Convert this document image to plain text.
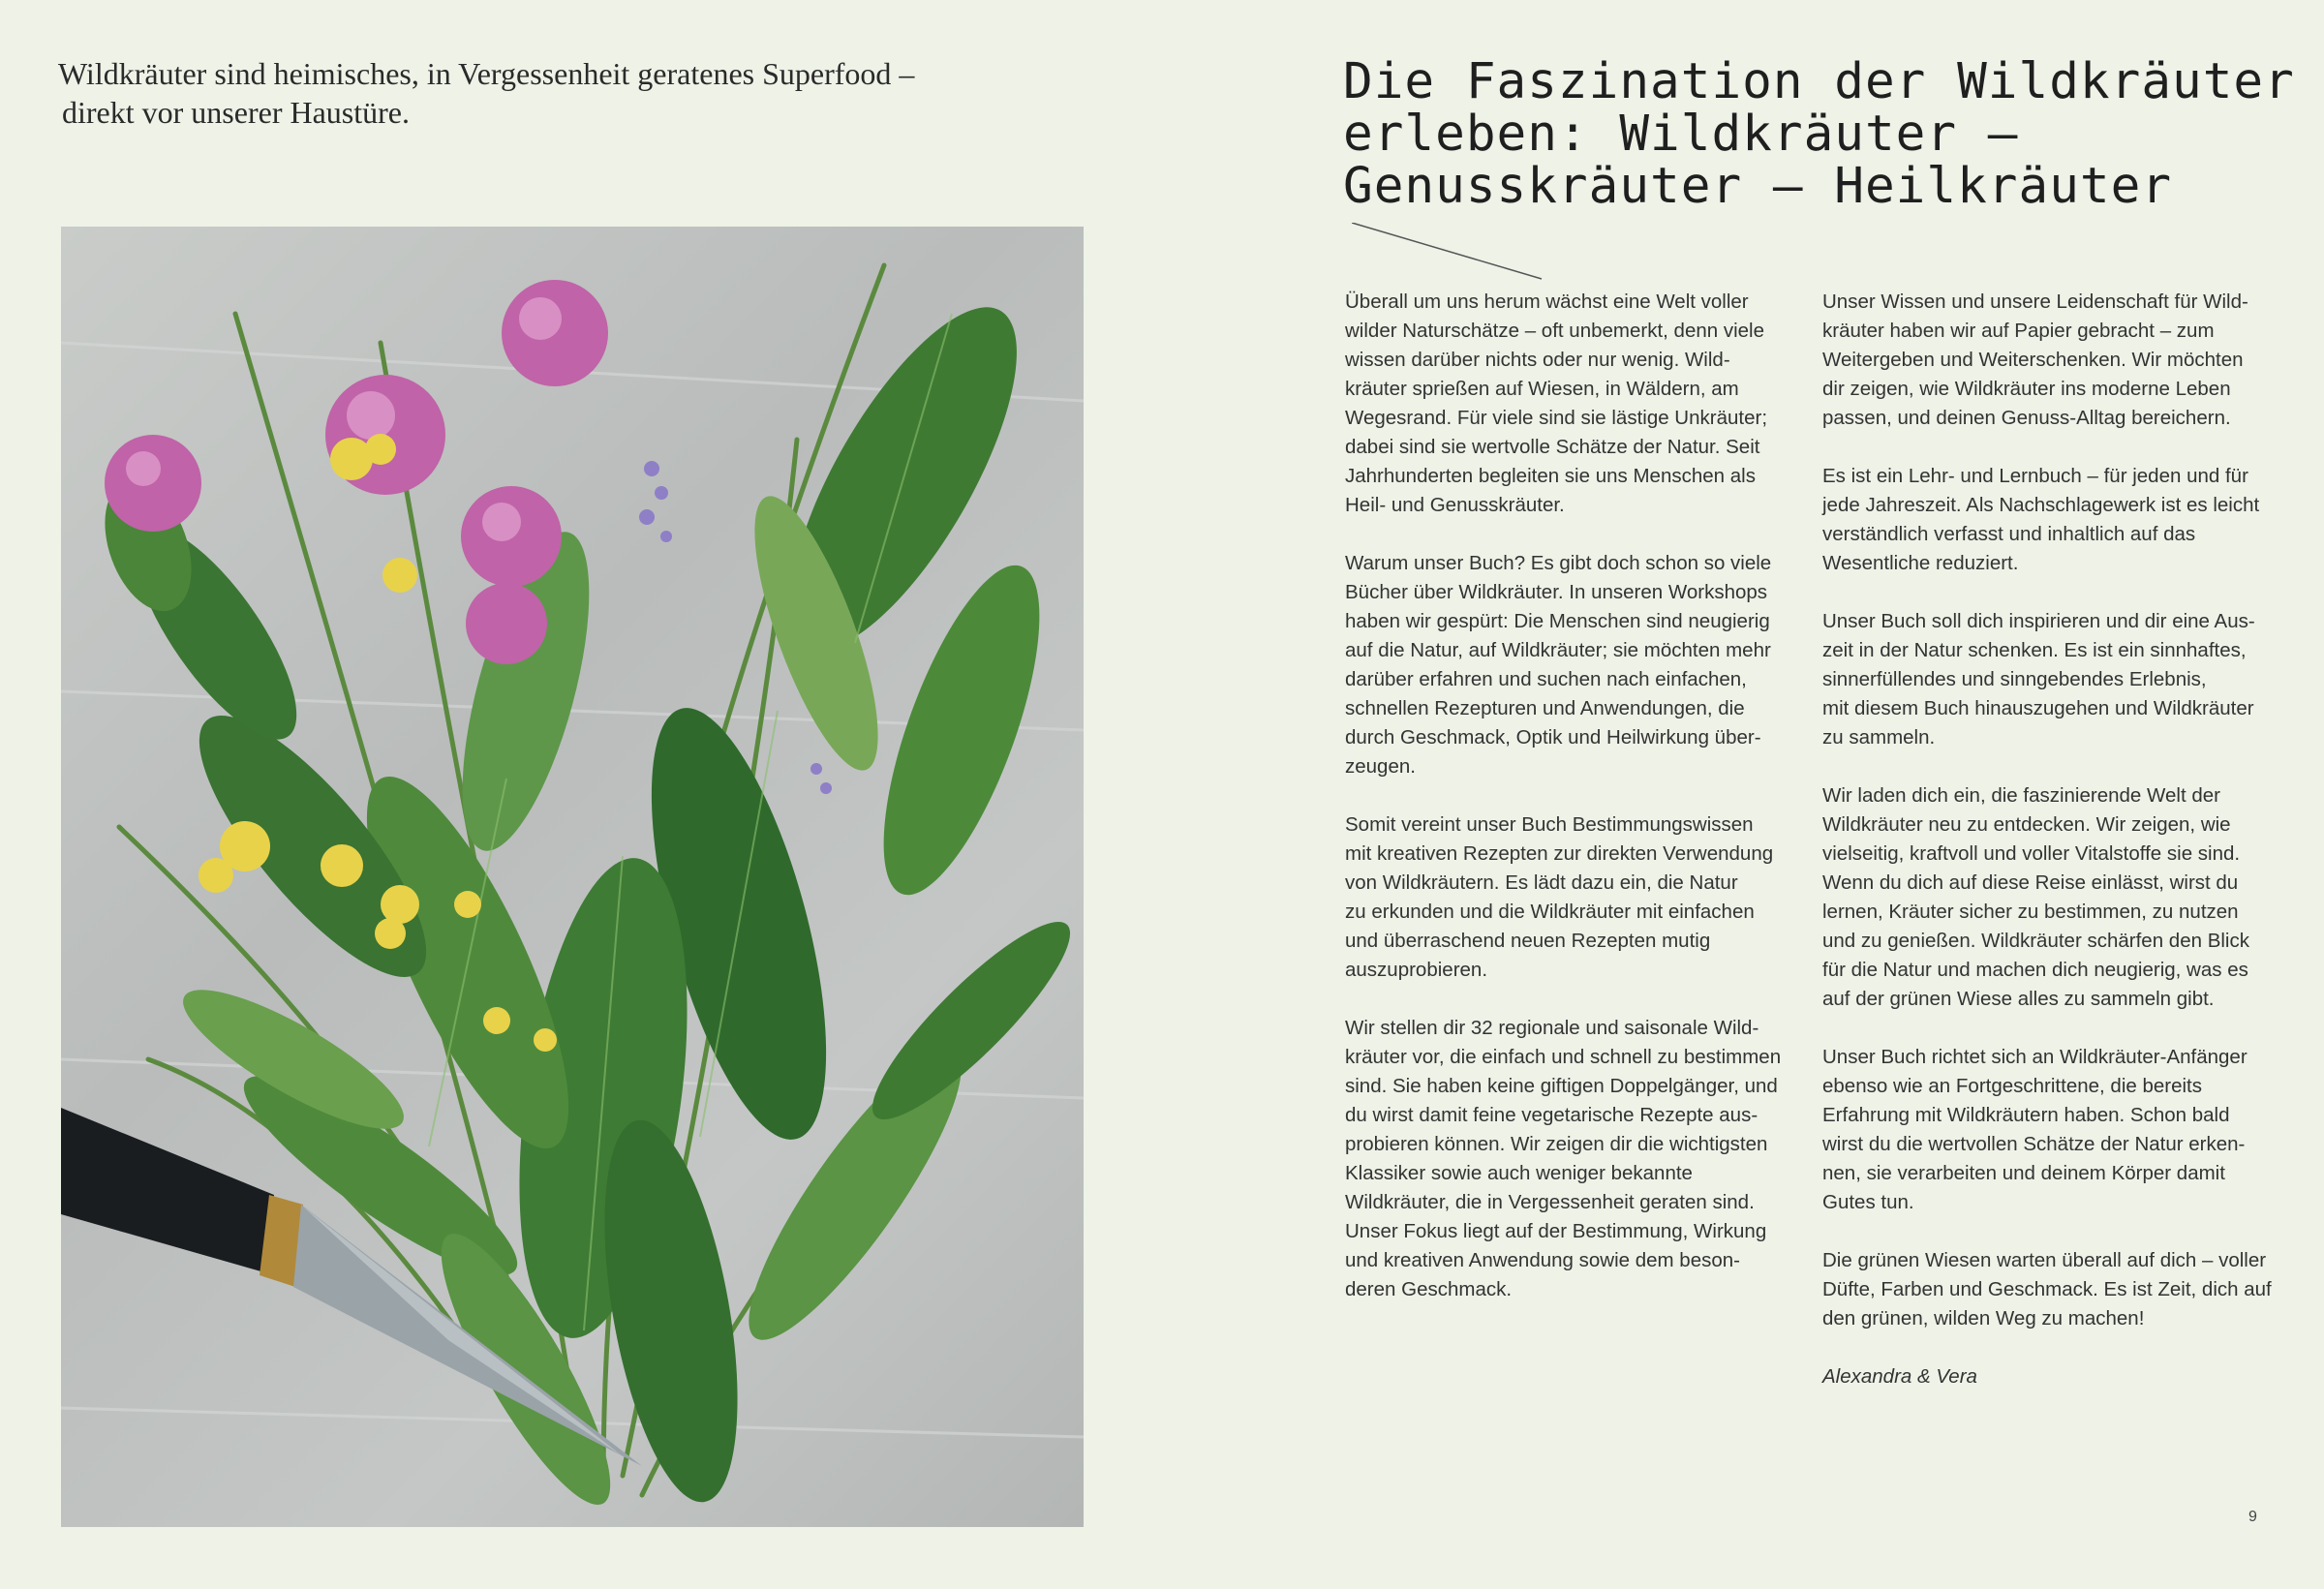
Wildkräuter sind heimisches, in Vergessenheit geratenes Superfood –
direkt vor unserer Haustüre.

Die Faszination der Wildkräuter
erleben: Wildkräuter –
Genusskräuter – Heilkräuter

Überall um uns herum wächst eine Welt voller
wilder Naturschätze – oft unbemerkt, denn viele
wissen darüber nichts oder nur wenig. Wild-
kräuter sprießen auf Wiesen, in Wäldern, am
Wegesrand. Für viele sind sie lästige Unkräuter;
dabei sind sie wertvolle Schätze der Natur. Seit
Jahrhunderten begleiten sie uns Menschen als
Heil- und Genusskräuter.

Warum unser Buch? Es gibt doch schon so viele
Bücher über Wildkräuter. In unseren Workshops
haben wir gespürt: Die Menschen sind neugierig
auf die Natur, auf Wildkräuter; sie möchten mehr
darüber erfahren und suchen nach einfachen,
schnellen Rezepturen und Anwendungen, die
durch Geschmack, Optik und Heilwirkung über-
zeugen.

Somit vereint unser Buch Bestimmungswissen
mit kreativen Rezepten zur direkten Verwendung
von Wildkräutern. Es lädt dazu ein, die Natur
zu erkunden und die Wildkräuter mit einfachen
und überraschend neuen Rezepten mutig
auszuprobieren.

Wir stellen dir 32 regionale und saisonale Wild-
kräuter vor, die einfach und schnell zu bestimmen
sind. Sie haben keine giftigen Doppelgänger, und
du wirst damit feine vegetarische Rezepte aus-
probieren können. Wir zeigen dir die wichtigsten
Klassiker sowie auch weniger bekannte
Wildkräuter, die in Vergessenheit geraten sind.
Unser Fokus liegt auf der Bestimmung, Wirkung
und kreativen Anwendung sowie dem beson-
deren Geschmack.

Unser Wissen und unsere Leidenschaft für Wild-
kräuter haben wir auf Papier gebracht – zum
Weitergeben und Weiterschenken. Wir möchten
dir zeigen, wie Wildkräuter ins moderne Leben
passen, und deinen Genuss-Alltag bereichern.

Es ist ein Lehr- und Lernbuch – für jeden und für
jede Jahreszeit. Als Nachschlagewerk ist es leicht
verständlich verfasst und inhaltlich auf das
Wesentliche reduziert.

Unser Buch soll dich inspirieren und dir eine Aus-
zeit in der Natur schenken. Es ist ein sinnhaftes,
sinnerfüllendes und sinngebendes Erlebnis,
mit diesem Buch hinauszugehen und Wildkräuter
zu sammeln.

Wir laden dich ein, die faszinierende Welt der
Wildkräuter neu zu entdecken. Wir zeigen, wie
vielseitig, kraftvoll und voller Vitalstoffe sie sind.
Wenn du dich auf diese Reise einlässt, wirst du
lernen, Kräuter sicher zu bestimmen, zu nutzen
und zu genießen. Wildkräuter schärfen den Blick
für die Natur und machen dich neugierig, was es
auf der grünen Wiese alles zu sammeln gibt.

Unser Buch richtet sich an Wildkräuter-Anfänger
ebenso wie an Fortgeschrittene, die bereits
Erfahrung mit Wildkräutern haben. Schon bald
wirst du die wertvollen Schätze der Natur erken-
nen, sie verarbeiten und deinem Körper damit
Gutes tun.

Die grünen Wiesen warten überall auf dich – voller
Düfte, Farben und Geschmack. Es ist Zeit, dich auf
den grünen, wilden Weg zu machen!

Alexandra & Vera

9
